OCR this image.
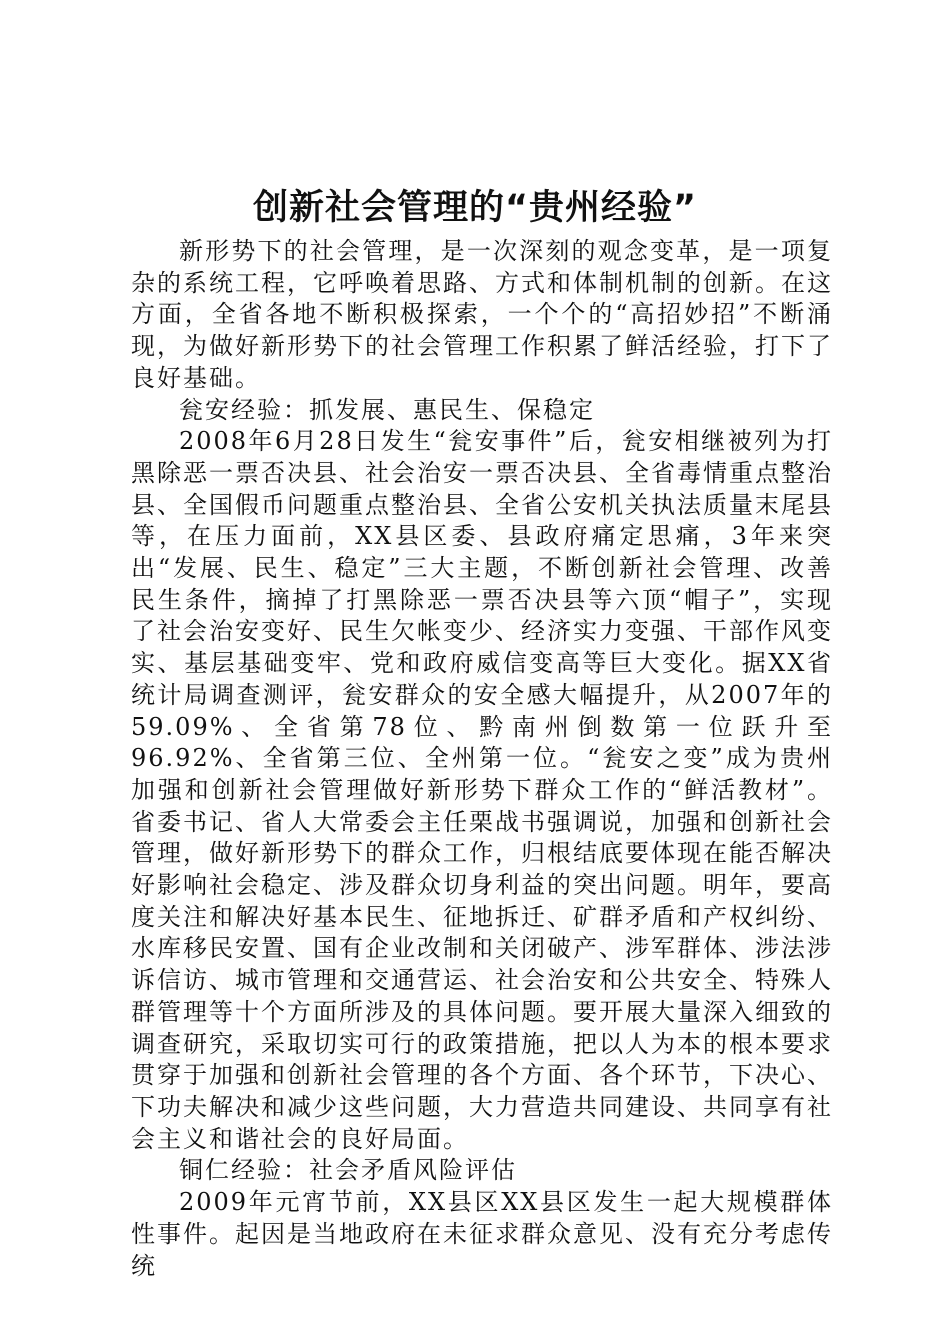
创新社会管理的“贵州经验”

新形势下的社会管理，是一次深刻的观念变革，是一项复杂的系统工程，它呼唤着思路、方式和体制机制的创新。在这方面，全省各地不断积极探索，一个个的“高招妙招”不断涌现，为做好新形势下的社会管理工作积累了鲜活经验，打下了良好基础。

瓮安经验：抓发展、惠民生、保稳定

2008年6月28日发生“瓮安事件”后，瓮安相继被列为打黑除恶一票否决县、社会治安一票否决县、全省毒情重点整治县、全国假币问题重点整治县、全省公安机关执法质量末尾县等，在压力面前，XX县区委、县政府痛定思痛，3年来突出“发展、民生、稳定”三大主题，不断创新社会管理、改善民生条件，摘掉了打黑除恶一票否决县等六顶“帽子”，实现了社会治安变好、民生欠帐变少、经济实力变强、干部作风变实、基层基础变牢、党和政府威信变高等巨大变化。据XX省统计局调查测评，瓮安群众的安全感大幅提升，从2007年的59.09%、全省第78位、黔南州倒数第一位跃升至96.92%、全省第三位、全州第一位。“瓮安之变”成为贵州加强和创新社会管理做好新形势下群众工作的“鲜活教材”。省委书记、省人大常委会主任栗战书强调说，加强和创新社会管理，做好新形势下的群众工作，归根结底要体现在能否解决好影响社会稳定、涉及群众切身利益的突出问题。明年，要高度关注和解决好基本民生、征地拆迁、矿群矛盾和产权纠纷、水库移民安置、国有企业改制和关闭破产、涉军群体、涉法涉诉信访、城市管理和交通营运、社会治安和公共安全、特殊人群管理等十个方面所涉及的具体问题。要开展大量深入细致的调查研究，采取切实可行的政策措施，把以人为本的根本要求贯穿于加强和创新社会管理的各个方面、各个环节，下决心、下功夫解决和减少这些问题，大力营造共同建设、共同享有社会主义和谐社会的良好局面。

铜仁经验：社会矛盾风险评估

2009年元宵节前，XX县区XX县区发生一起大规模群体性事件。起因是当地政府在未征求群众意见、没有充分考虑传统
